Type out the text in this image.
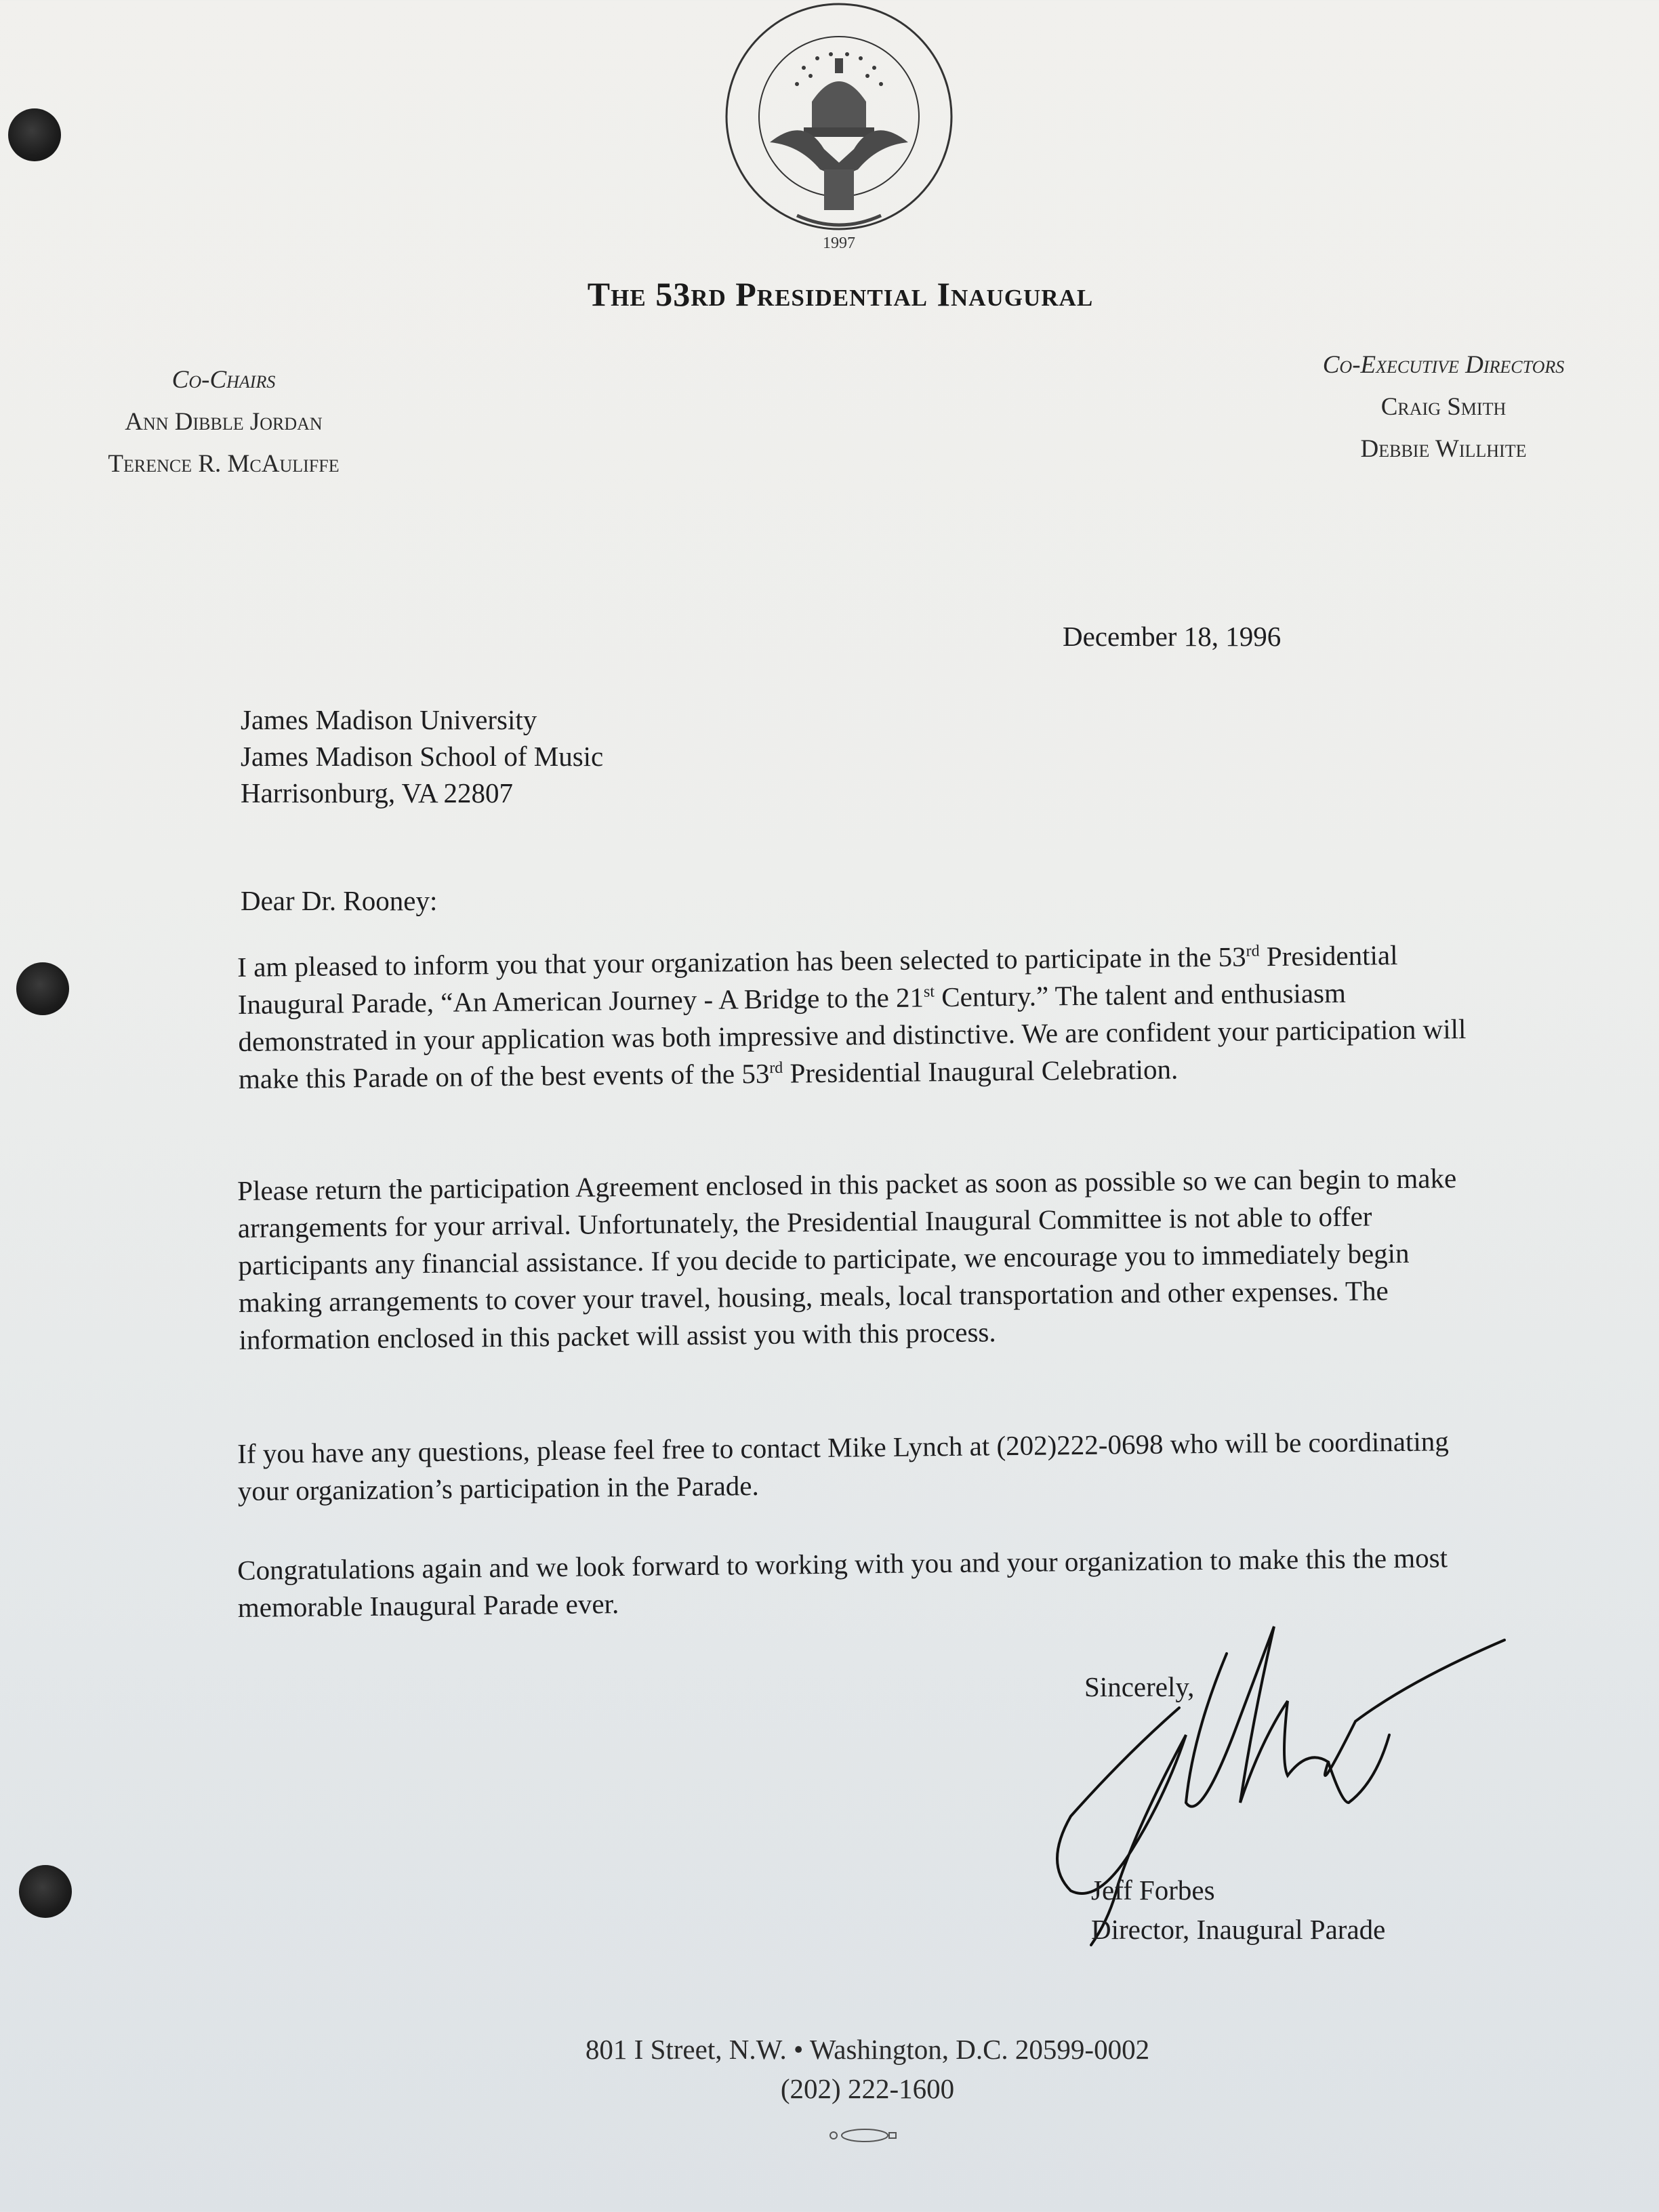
1997
The 53rd Presidential Inaugural
Co-Chairs
Ann Dibble Jordan
Terence R. McAuliffe
Co-Executive Directors
Craig Smith
Debbie Willhite
December 18, 1996
James Madison University
James Madison School of Music
Harrisonburg, VA 22807
Dear Dr. Rooney:
I am pleased to inform you that your organization has been selected to participate in the 53rd Presidential Inaugural Parade, “An American Journey - A Bridge to the 21st Century.” The talent and enthusiasm demonstrated in your application was both impressive and distinctive. We are confident your participation will make this Parade on of the best events of the 53rd Presidential Inaugural Celebration.
Please return the participation Agreement enclosed in this packet as soon as possible so we can begin to make arrangements for your arrival. Unfortunately, the Presidential Inaugural Committee is not able to offer participants any financial assistance. If you decide to participate, we encourage you to immediately begin making arrangements to cover your travel, housing, meals, local transportation and other expenses. The information enclosed in this packet will assist you with this process.
If you have any questions, please feel free to contact Mike Lynch at (202)222-0698 who will be coordinating your organization’s participation in the Parade.
Congratulations again and we look forward to working with you and your organization to make this the most memorable Inaugural Parade ever.
Sincerely,
Jeff Forbes
Director, Inaugural Parade
801 I Street, N.W. • Washington, D.C. 20599-0002
(202) 222-1600
